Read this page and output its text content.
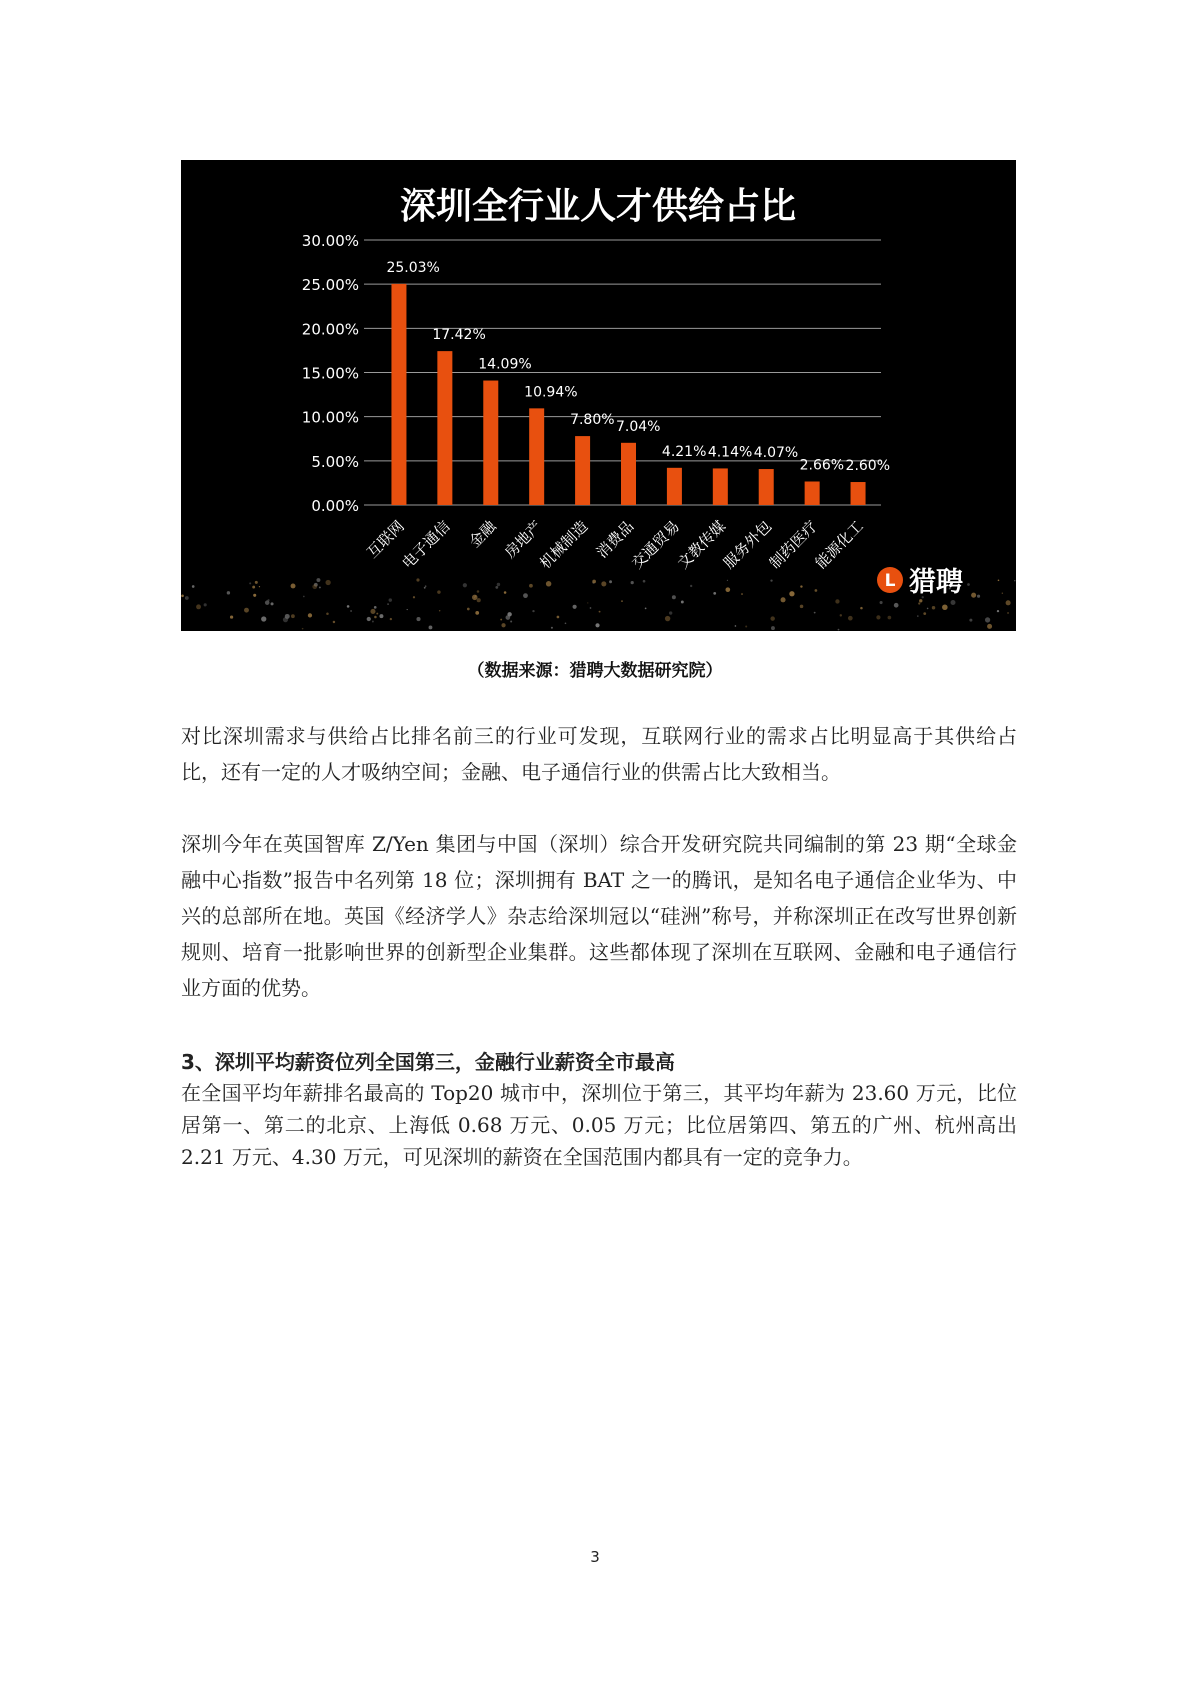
深圳全行业人才供给占比
0.00%
5.00%
10.00%
15.00%
20.00%
25.00%
30.00%
25.03%
17.42%
14.09%
10.94%
7.80% 7.04%
4.21% 4.14% 4.07%
2.66% 2.60%
互联网
电子通信 金融 房地产
机械制造 消费品
交通贸易
文教传媒
服务外包
制药医疗
能源化工
L 猎聘
（数据来源：猎聘大数据研究院）

对比深圳需求与供给占比排名前三的行业可发现，互联网行业的需求占比明显高于其供给占比，还有一定的人才吸纳空间；金融、电子通信行业的供需占比大致相当。

深圳今年在英国智库 Z/Yen 集团与中国（深圳）综合开发研究院共同编制的第 23 期“全球金融中心指数”报告中名列第 18 位；深圳拥有 BAT 之一的腾讯，是知名电子通信企业华为、中兴的总部所在地。英国《经济学人》杂志给深圳冠以“硅洲”称号，并称深圳正在改写世界创新规则、培育一批影响世界的创新型企业集群。这些都体现了深圳在互联网、金融和电子通信行业方面的优势。

3、深圳平均薪资位列全国第三，金融行业薪资全市最高

在全国平均年薪排名最高的 Top20 城市中，深圳位于第三，其平均年薪为 23.60 万元，比位居第一、第二的北京、上海低 0.68 万元、0.05 万元；比位居第四、第五的广州、杭州高出 2.21 万元、4.30 万元，可见深圳的薪资在全国范围内都具有一定的竞争力。

3
